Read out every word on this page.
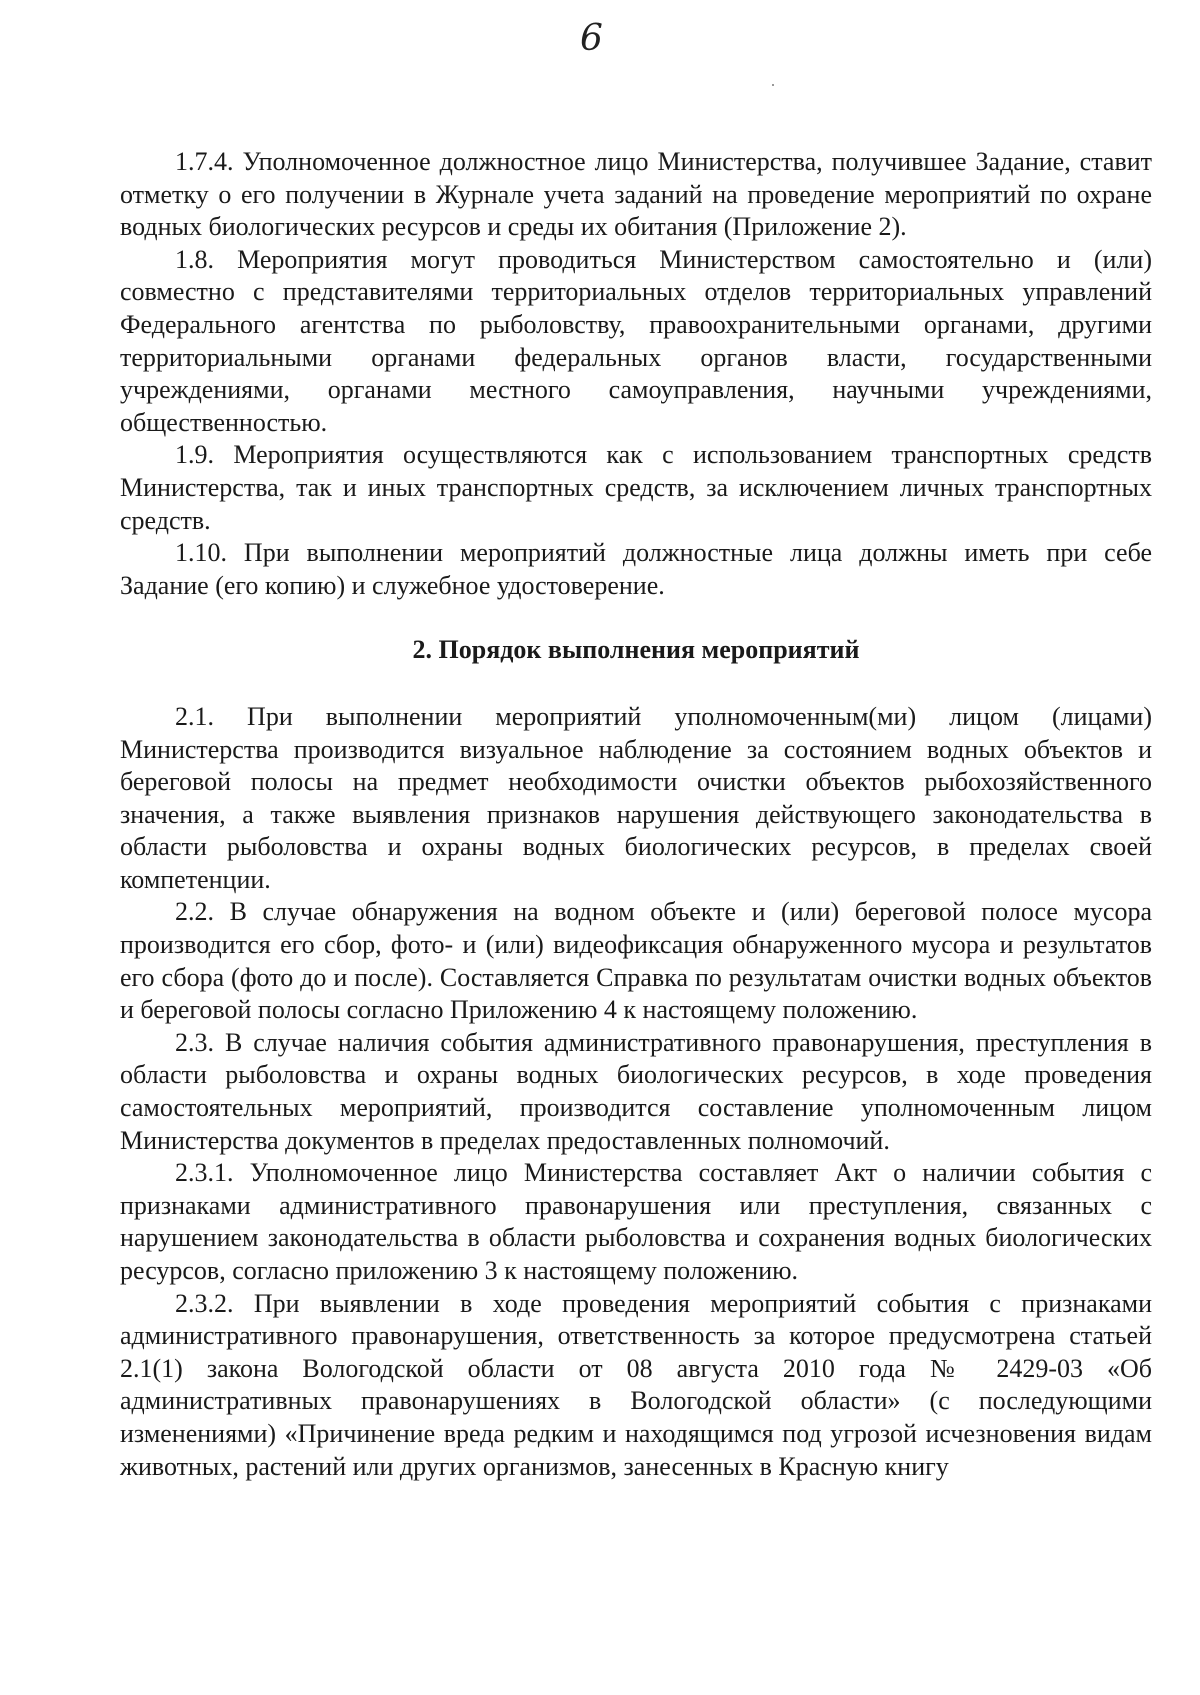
6

1.7.4. Уполномоченное должностное лицо Министерства, получившее Задание, ставит отметку о его получении в Журнале учета заданий на проведение мероприятий по охране водных биологических ресурсов и среды их обитания (Приложение 2).

1.8. Мероприятия могут проводиться Министерством самостоятельно и (или) совместно с представителями территориальных отделов территориальных управлений Федерального агентства по рыболовству, правоохранительными органами, другими территориальными органами федеральных органов власти, государственными учреждениями, органами местного самоуправления, научными учреждениями, общественностью.

1.9. Мероприятия осуществляются как с использованием транспортных средств Министерства, так и иных транспортных средств, за исключением личных транспортных средств.

1.10. При выполнении мероприятий должностные лица должны иметь при себе Задание (его копию) и служебное удостоверение.

2. Порядок выполнения мероприятий

2.1. При выполнении мероприятий уполномоченным(ми) лицом (лицами) Министерства производится визуальное наблюдение за состоянием водных объектов и береговой полосы на предмет необходимости очистки объектов рыбохозяйственного значения, а также выявления признаков нарушения действующего законодательства в области рыболовства и охраны водных биологических ресурсов, в пределах своей компетенции.

2.2. В случае обнаружения на водном объекте и (или) береговой полосе мусора производится его сбор, фото- и (или) видеофиксация обнаруженного мусора и результатов его сбора (фото до и после). Составляется Справка по результатам очистки водных объектов и береговой полосы согласно Приложению 4 к настоящему положению.

2.3. В случае наличия события административного правонарушения, преступления в области рыболовства и охраны водных биологических ресурсов, в ходе проведения самостоятельных мероприятий, производится составление уполномоченным лицом Министерства документов в пределах предоставленных полномочий.

2.3.1. Уполномоченное лицо Министерства составляет Акт о наличии события с признаками административного правонарушения или преступления, связанных с нарушением законодательства в области рыболовства и сохранения водных биологических ресурсов, согласно приложению 3 к настоящему положению.

2.3.2. При выявлении в ходе проведения мероприятий события с признаками административного правонарушения, ответственность за которое предусмотрена статьей 2.1(1) закона Вологодской области от 08 августа 2010 года № 2429-03 «Об административных правонарушениях в Вологодской области» (с последующими изменениями) «Причинение вреда редким и находящимся под угрозой исчезновения видам животных, растений или других организмов, занесенных в Красную книгу
